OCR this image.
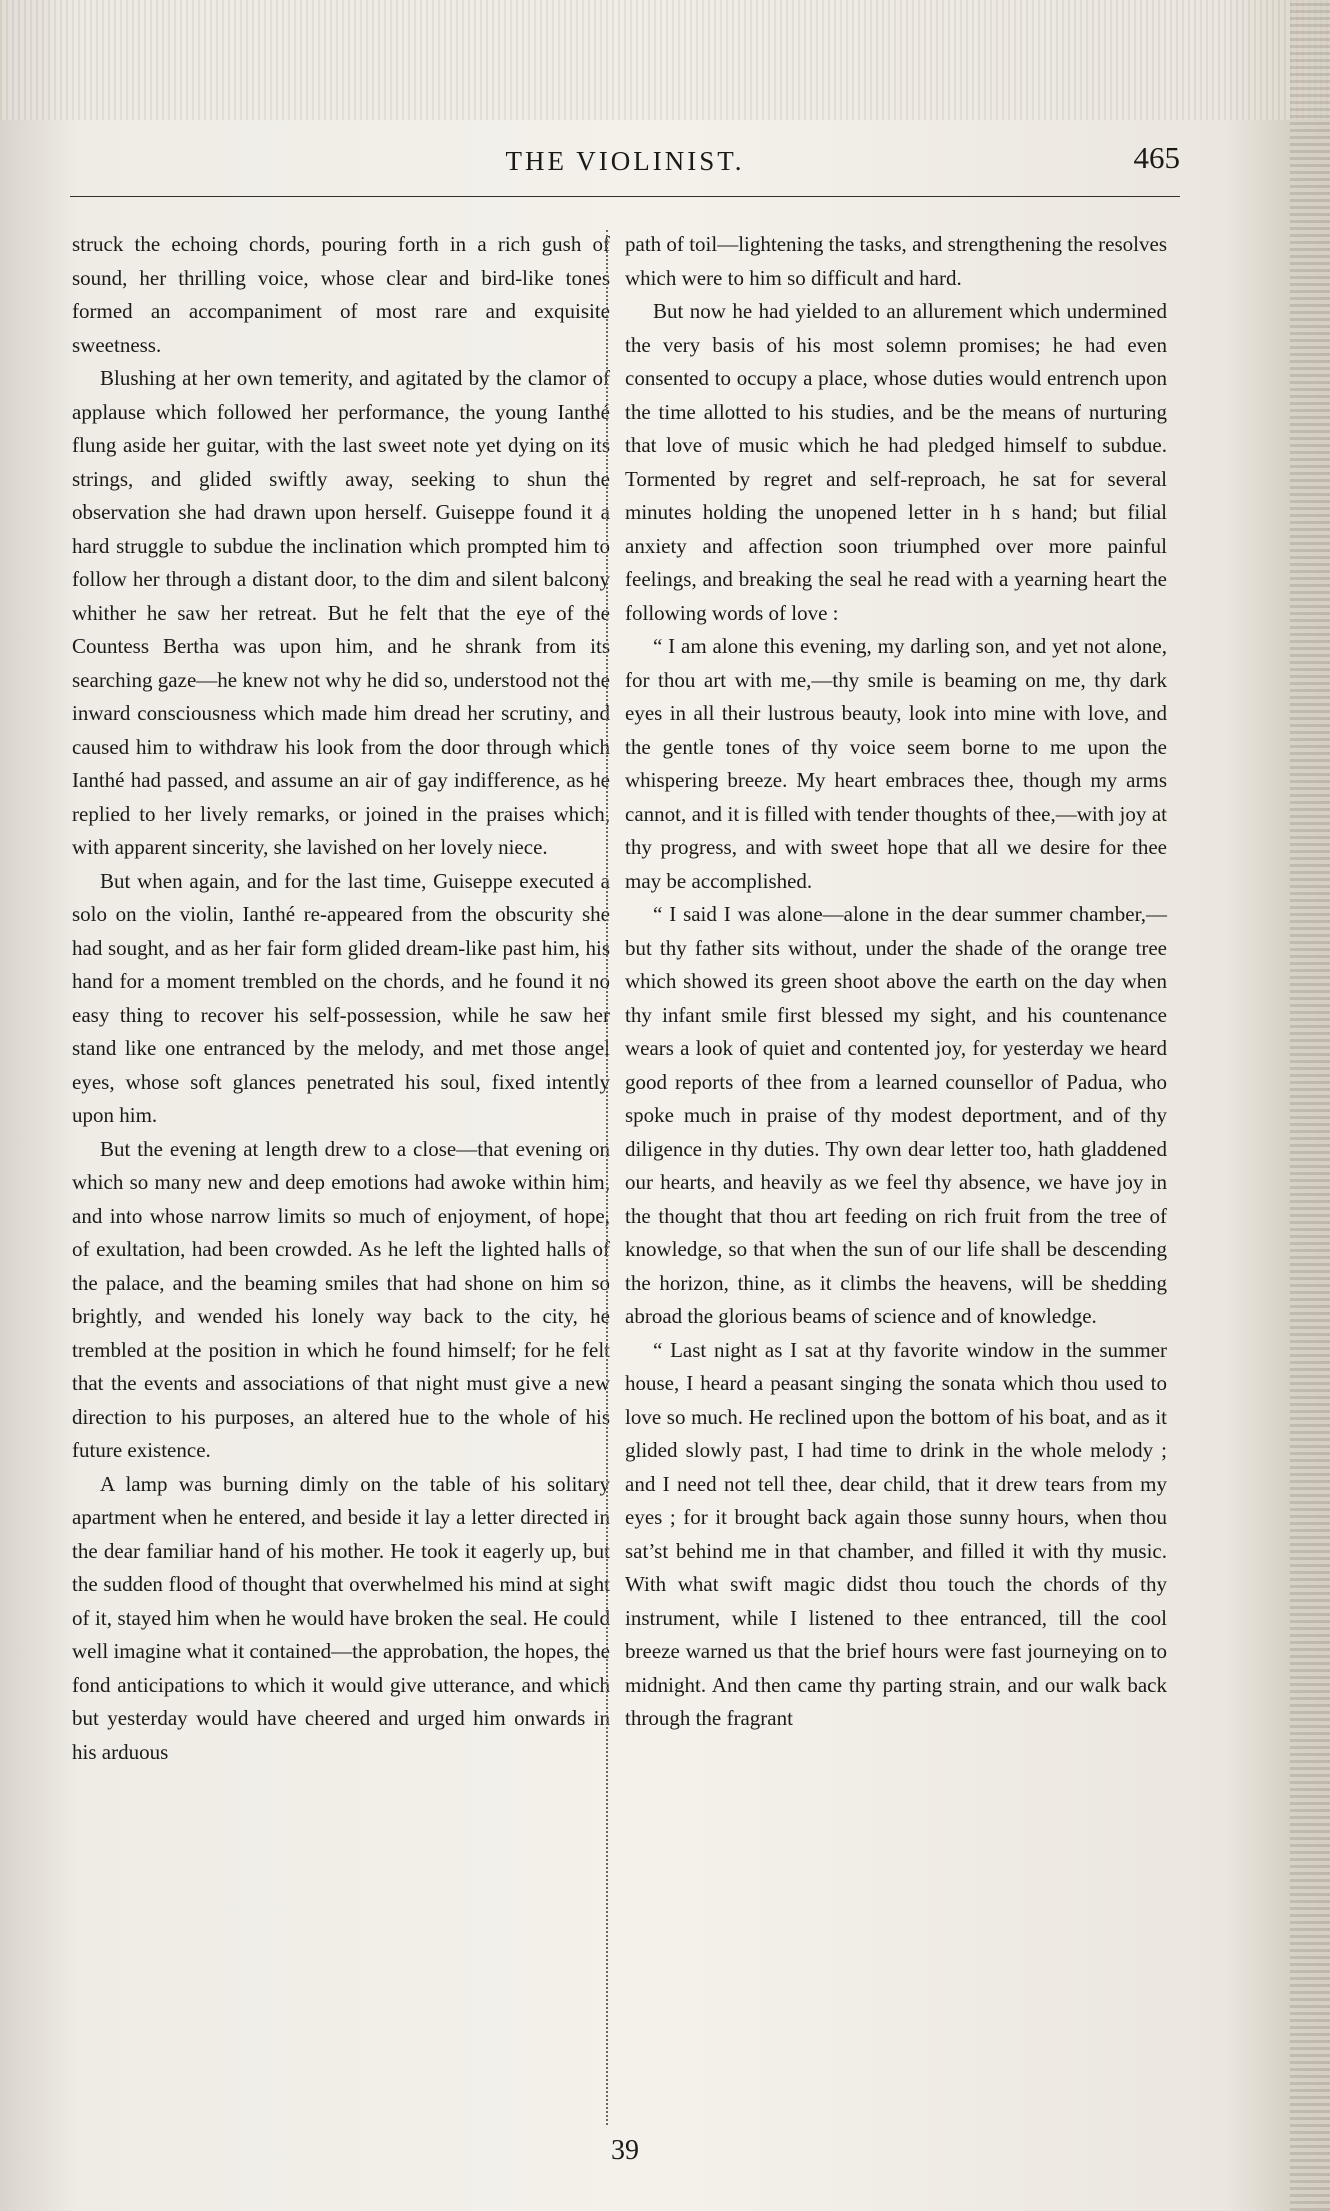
THE VIOLINIST.	465

struck the echoing chords, pouring forth in a rich gush of sound, her thrilling voice, whose clear and bird-like tones formed an accompaniment of most rare and exquisite sweetness.

Blushing at her own temerity, and agitated by the clamor of applause which followed her performance, the young Ianthé flung aside her guitar, with the last sweet note yet dying on its strings, and glided swiftly away, seeking to shun the observation she had drawn upon herself. Guiseppe found it a hard struggle to subdue the inclination which prompted him to follow her through a distant door, to the dim and silent balcony whither he saw her retreat. But he felt that the eye of the Countess Bertha was upon him, and he shrank from its searching gaze—he knew not why he did so, understood not the inward consciousness which made him dread her scrutiny, and caused him to withdraw his look from the door through which Ianthé had passed, and assume an air of gay indifference, as he replied to her lively remarks, or joined in the praises which, with apparent sincerity, she lavished on her lovely niece.

But when again, and for the last time, Guiseppe executed a solo on the violin, Ianthé re-appeared from the obscurity she had sought, and as her fair form glided dream-like past him, his hand for a moment trembled on the chords, and he found it no easy thing to recover his self-possession, while he saw her stand like one entranced by the melody, and met those angel eyes, whose soft glances penetrated his soul, fixed intently upon him.

But the evening at length drew to a close—that evening on which so many new and deep emotions had awoke within him, and into whose narrow limits so much of enjoyment, of hope, of exultation, had been crowded. As he left the lighted halls of the palace, and the beaming smiles that had shone on him so brightly, and wended his lonely way back to the city, he trembled at the position in which he found himself; for he felt that the events and associations of that night must give a new direction to his purposes, an altered hue to the whole of his future existence.

A lamp was burning dimly on the table of his solitary apartment when he entered, and beside it lay a letter directed in the dear familiar hand of his mother. He took it eagerly up, but the sudden flood of thought that overwhelmed his mind at sight of it, stayed him when he would have broken the seal. He could well imagine what it contained—the approbation, the hopes, the fond anticipations to which it would give utterance, and which but yesterday would have cheered and urged him onwards in his arduous

path of toil—lightening the tasks, and strengthening the resolves which were to him so difficult and hard.

But now he had yielded to an allurement which undermined the very basis of his most solemn promises; he had even consented to occupy a place, whose duties would entrench upon the time allotted to his studies, and be the means of nurturing that love of music which he had pledged himself to subdue. Tormented by regret and self-reproach, he sat for several minutes holding the unopened letter in h s hand; but filial anxiety and affection soon triumphed over more painful feelings, and breaking the seal he read with a yearning heart the following words of love :

“ I am alone this evening, my darling son, and yet not alone, for thou art with me,—thy smile is beaming on me, thy dark eyes in all their lustrous beauty, look into mine with love, and the gentle tones of thy voice seem borne to me upon the whispering breeze. My heart embraces thee, though my arms cannot, and it is filled with tender thoughts of thee,—with joy at thy progress, and with sweet hope that all we desire for thee may be accomplished.

“ I said I was alone—alone in the dear summer chamber,—but thy father sits without, under the shade of the orange tree which showed its green shoot above the earth on the day when thy infant smile first blessed my sight, and his countenance wears a look of quiet and contented joy, for yesterday we heard good reports of thee from a learned counsellor of Padua, who spoke much in praise of thy modest deportment, and of thy diligence in thy duties. Thy own dear letter too, hath gladdened our hearts, and heavily as we feel thy absence, we have joy in the thought that thou art feeding on rich fruit from the tree of knowledge, so that when the sun of our life shall be descending the horizon, thine, as it climbs the heavens, will be shedding abroad the glorious beams of science and of knowledge.

“ Last night as I sat at thy favorite window in the summer house, I heard a peasant singing the sonata which thou used to love so much. He reclined upon the bottom of his boat, and as it glided slowly past, I had time to drink in the whole melody ; and I need not tell thee, dear child, that it drew tears from my eyes ; for it brought back again those sunny hours, when thou sat’st behind me in that chamber, and filled it with thy music. With what swift magic didst thou touch the chords of thy instrument, while I listened to thee entranced, till the cool breeze warned us that the brief hours were fast journeying on to midnight. And then came thy parting strain, and our walk back through the fragrant

39
